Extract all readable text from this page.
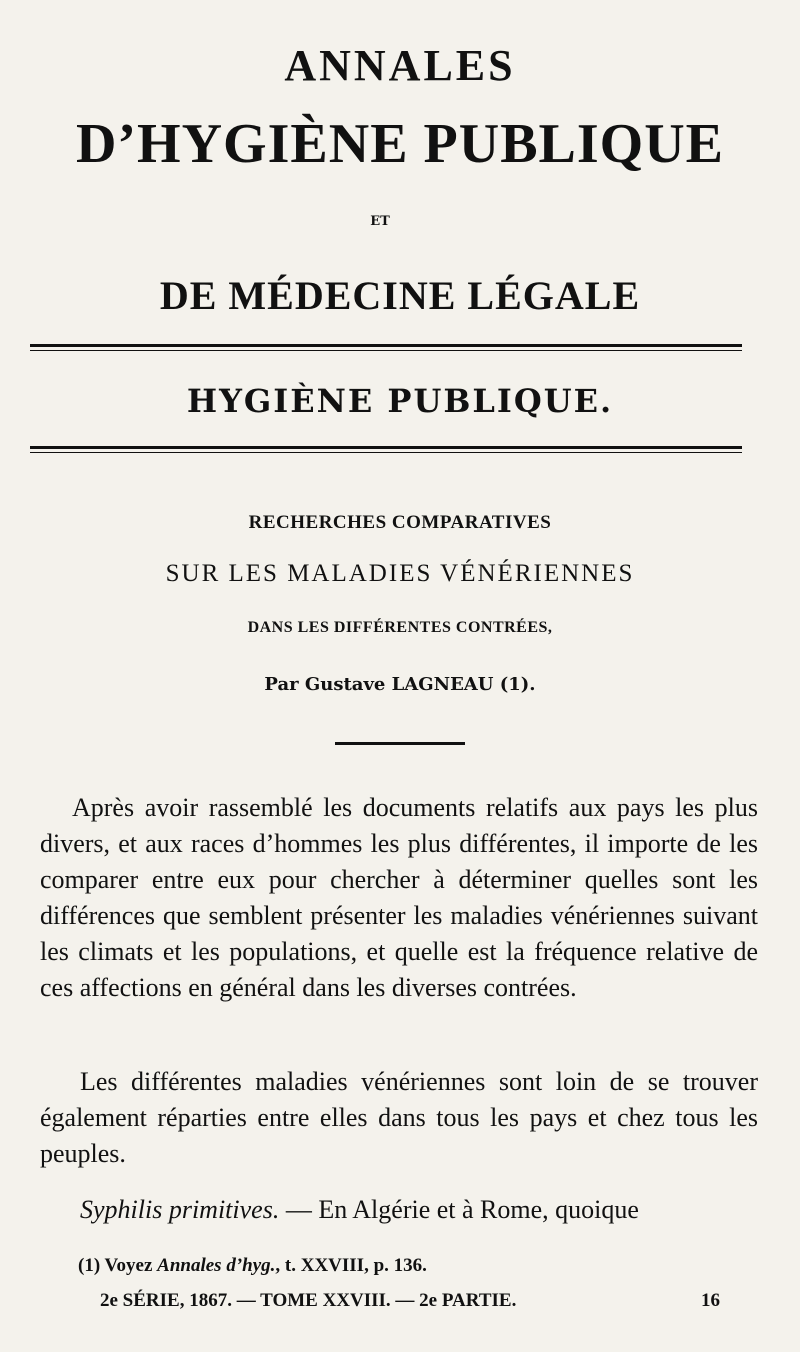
ANNALES
D’HYGIÈNE PUBLIQUE
ET
DE MÉDECINE LÉGALE
HYGIÈNE PUBLIQUE.
RECHERCHES COMPARATIVES
SUR LES MALADIES VÉNÉRIENNES
DANS LES DIFFÉRENTES CONTRÉES,
Par Gustave LAGNEAU (1).
Après avoir rassemblé les documents relatifs aux pays les plus divers, et aux races d’hommes les plus différentes, il importe de les comparer entre eux pour chercher à déterminer quelles sont les différences que semblent présenter les maladies vénériennes suivant les climats et les populations, et quelle est la fréquence relative de ces affections en général dans les diverses contrées.
Les différentes maladies vénériennes sont loin de se trouver également réparties entre elles dans tous les pays et chez tous les peuples.
Syphilis primitives. — En Algérie et à Rome, quoique
(1) Voyez Annales d’hyg., t. XXVIII, p. 136.
2e SÉRIE, 1867. — TOME XXVIII. — 2e PARTIE.	16
